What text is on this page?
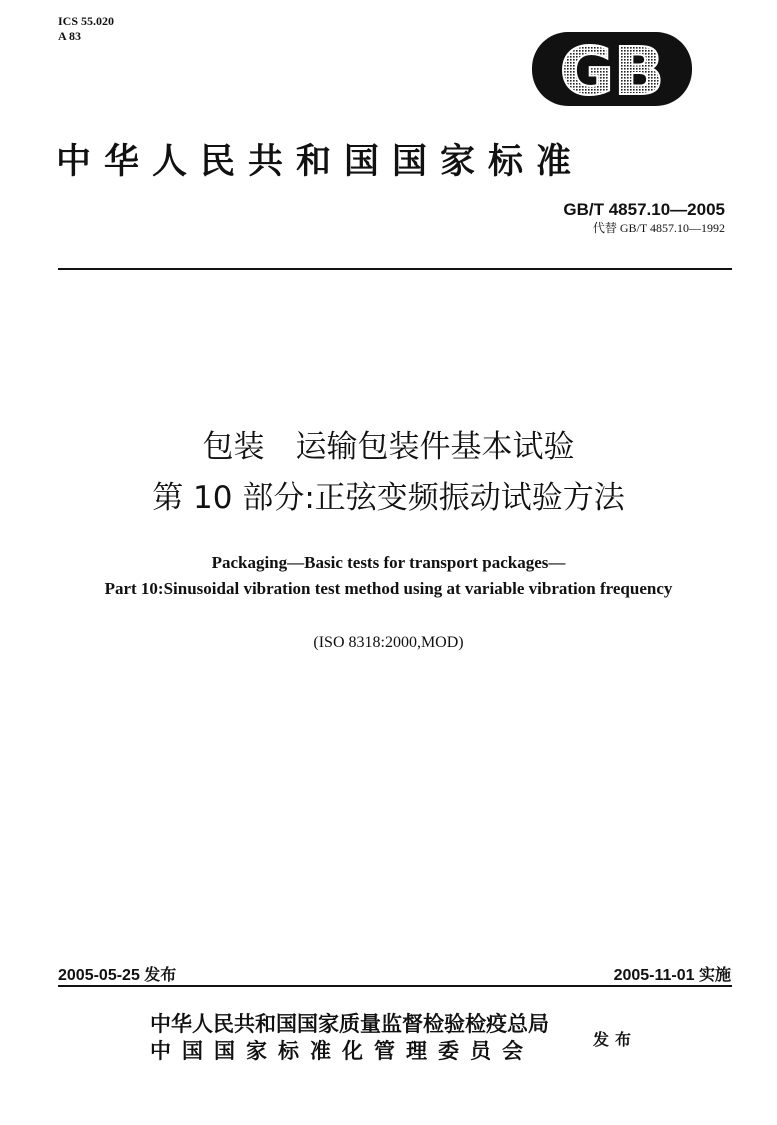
ICS 55.020
A 83	GB
中华人民共和国国家标准
GB/T 4857.10—2005
代替 GB/T 4857.10—1992
包装　运输包装件基本试验
第 10 部分:正弦变频振动试验方法
Packaging—Basic tests for transport packages—
Part 10:Sinusoidal vibration test method using at variable vibration frequency
(ISO 8318:2000,MOD)
2005-05-25 发布	2005-11-01 实施
中华人民共和国国家质量监督检验检疫总局
中国国家标准化管理委员会	发布
